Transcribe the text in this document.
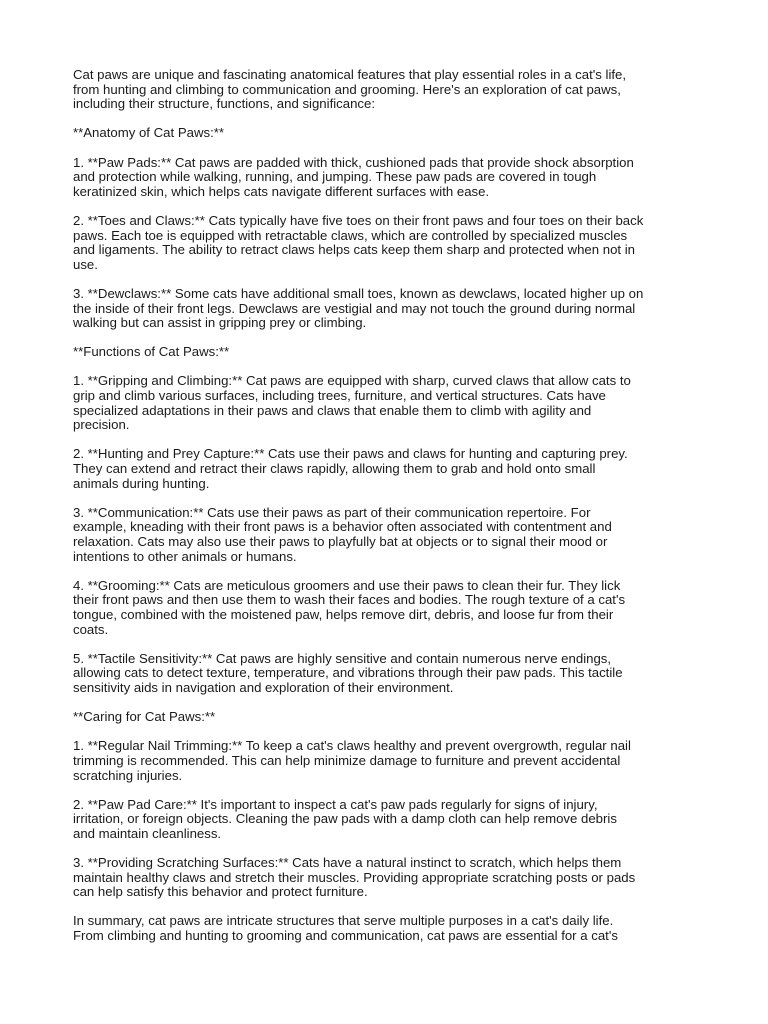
Cat paws are unique and fascinating anatomical features that play essential roles in a cat's life,
from hunting and climbing to communication and grooming. Here's an exploration of cat paws,
including their structure, functions, and significance:

**Anatomy of Cat Paws:**

1. **Paw Pads:** Cat paws are padded with thick, cushioned pads that provide shock absorption
and protection while walking, running, and jumping. These paw pads are covered in tough
keratinized skin, which helps cats navigate different surfaces with ease.

2. **Toes and Claws:** Cats typically have five toes on their front paws and four toes on their back
paws. Each toe is equipped with retractable claws, which are controlled by specialized muscles
and ligaments. The ability to retract claws helps cats keep them sharp and protected when not in
use.

3. **Dewclaws:** Some cats have additional small toes, known as dewclaws, located higher up on
the inside of their front legs. Dewclaws are vestigial and may not touch the ground during normal
walking but can assist in gripping prey or climbing.

**Functions of Cat Paws:**

1. **Gripping and Climbing:** Cat paws are equipped with sharp, curved claws that allow cats to
grip and climb various surfaces, including trees, furniture, and vertical structures. Cats have
specialized adaptations in their paws and claws that enable them to climb with agility and
precision.

2. **Hunting and Prey Capture:** Cats use their paws and claws for hunting and capturing prey.
They can extend and retract their claws rapidly, allowing them to grab and hold onto small
animals during hunting.

3. **Communication:** Cats use their paws as part of their communication repertoire. For
example, kneading with their front paws is a behavior often associated with contentment and
relaxation. Cats may also use their paws to playfully bat at objects or to signal their mood or
intentions to other animals or humans.

4. **Grooming:** Cats are meticulous groomers and use their paws to clean their fur. They lick
their front paws and then use them to wash their faces and bodies. The rough texture of a cat's
tongue, combined with the moistened paw, helps remove dirt, debris, and loose fur from their
coats.

5. **Tactile Sensitivity:** Cat paws are highly sensitive and contain numerous nerve endings,
allowing cats to detect texture, temperature, and vibrations through their paw pads. This tactile
sensitivity aids in navigation and exploration of their environment.

**Caring for Cat Paws:**

1. **Regular Nail Trimming:** To keep a cat's claws healthy and prevent overgrowth, regular nail
trimming is recommended. This can help minimize damage to furniture and prevent accidental
scratching injuries.

2. **Paw Pad Care:** It's important to inspect a cat's paw pads regularly for signs of injury,
irritation, or foreign objects. Cleaning the paw pads with a damp cloth can help remove debris
and maintain cleanliness.

3. **Providing Scratching Surfaces:** Cats have a natural instinct to scratch, which helps them
maintain healthy claws and stretch their muscles. Providing appropriate scratching posts or pads
can help satisfy this behavior and protect furniture.

In summary, cat paws are intricate structures that serve multiple purposes in a cat's daily life.
From climbing and hunting to grooming and communication, cat paws are essential for a cat's
